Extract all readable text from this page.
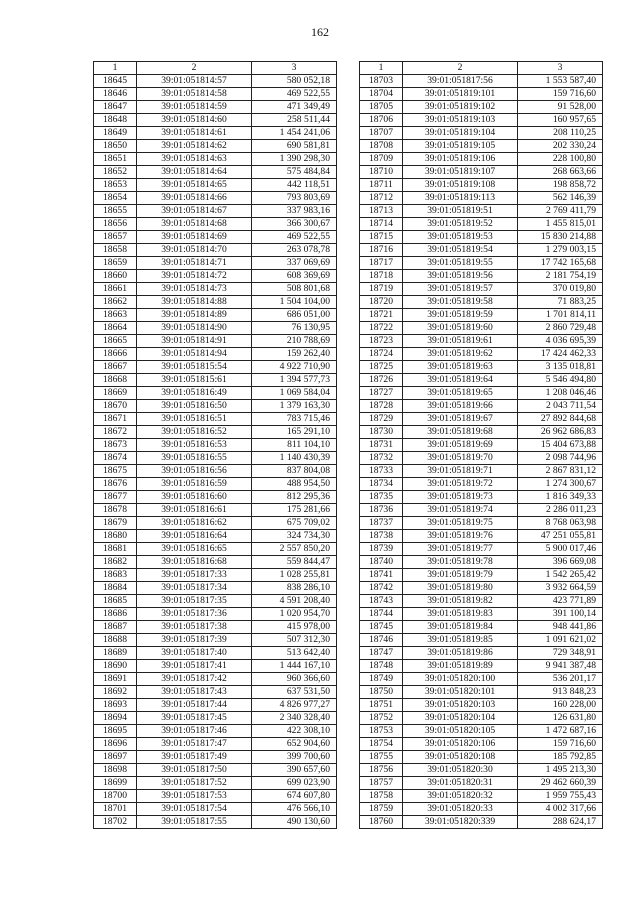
162
1	2	3
18645	39:01:051814:57	580 052,18
18646	39:01:051814:58	469 522,55
18647	39:01:051814:59	471 349,49
18648	39:01:051814:60	258 511,44
18649	39:01:051814:61	1 454 241,06
18650	39:01:051814:62	690 581,81
18651	39:01:051814:63	1 390 298,30
18652	39:01:051814:64	575 484,84
18653	39:01:051814:65	442 118,51
18654	39:01:051814:66	793 803,69
18655	39:01:051814:67	337 983,16
18656	39:01:051814:68	366 300,67
18657	39:01:051814:69	469 522,55
18658	39:01:051814:70	263 078,78
18659	39:01:051814:71	337 069,69
18660	39:01:051814:72	608 369,69
18661	39:01:051814:73	508 801,68
18662	39:01:051814:88	1 504 104,00
18663	39:01:051814:89	686 051,00
18664	39:01:051814:90	76 130,95
18665	39:01:051814:91	210 788,69
18666	39:01:051814:94	159 262,40
18667	39:01:051815:54	4 922 710,90
18668	39:01:051815:61	1 394 577,73
18669	39:01:051816:49	1 069 584,04
18670	39:01:051816:50	1 379 163,30
18671	39:01:051816:51	783 715,46
18672	39:01:051816:52	165 291,10
18673	39:01:051816:53	811 104,10
18674	39:01:051816:55	1 140 430,39
18675	39:01:051816:56	837 804,08
18676	39:01:051816:59	488 954,50
18677	39:01:051816:60	812 295,36
18678	39:01:051816:61	175 281,66
18679	39:01:051816:62	675 709,02
18680	39:01:051816:64	324 734,30
18681	39:01:051816:65	2 557 850,20
18682	39:01:051816:68	559 844,47
18683	39:01:051817:33	1 028 255,81
18684	39:01:051817:34	838 286,10
18685	39:01:051817:35	4 591 208,40
18686	39:01:051817:36	1 020 954,70
18687	39:01:051817:38	415 978,00
18688	39:01:051817:39	507 312,30
18689	39:01:051817:40	513 642,40
18690	39:01:051817:41	1 444 167,10
18691	39:01:051817:42	960 366,60
18692	39:01:051817:43	637 531,50
18693	39:01:051817:44	4 826 977,27
18694	39:01:051817:45	2 340 328,40
18695	39:01:051817:46	422 308,10
18696	39:01:051817:47	652 904,60
18697	39:01:051817:49	399 700,60
18698	39:01:051817:50	390 657,60
18699	39:01:051817:52	699 023,90
18700	39:01:051817:53	674 607,80
18701	39:01:051817:54	476 566,10
18702	39:01:051817:55	490 130,60
1	2	3
18703	39:01:051817:56	1 553 587,40
18704	39:01:051819:101	159 716,60
18705	39:01:051819:102	91 528,00
18706	39:01:051819:103	160 957,65
18707	39:01:051819:104	208 110,25
18708	39:01:051819:105	202 330,24
18709	39:01:051819:106	228 100,80
18710	39:01:051819:107	268 663,66
18711	39:01:051819:108	198 858,72
18712	39:01:051819:113	562 146,39
18713	39:01:051819:51	2 769 411,79
18714	39:01:051819:52	1 455 815,01
18715	39:01:051819:53	15 830 214,88
18716	39:01:051819:54	1 279 003,15
18717	39:01:051819:55	17 742 165,68
18718	39:01:051819:56	2 181 754,19
18719	39:01:051819:57	370 019,80
18720	39:01:051819:58	71 883,25
18721	39:01:051819:59	1 701 814,11
18722	39:01:051819:60	2 860 729,48
18723	39:01:051819:61	4 036 695,39
18724	39:01:051819:62	17 424 462,33
18725	39:01:051819:63	3 135 018,81
18726	39:01:051819:64	5 546 494,80
18727	39:01:051819:65	1 208 046,46
18728	39:01:051819:66	2 043 711,54
18729	39:01:051819:67	27 892 844,68
18730	39:01:051819:68	26 962 686,83
18731	39:01:051819:69	15 404 673,88
18732	39:01:051819:70	2 098 744,96
18733	39:01:051819:71	2 867 831,12
18734	39:01:051819:72	1 274 300,67
18735	39:01:051819:73	1 816 349,33
18736	39:01:051819:74	2 286 011,23
18737	39:01:051819:75	8 768 063,98
18738	39:01:051819:76	47 251 055,81
18739	39:01:051819:77	5 900 017,46
18740	39:01:051819:78	396 669,08
18741	39:01:051819:79	1 542 265,42
18742	39:01:051819:80	3 932 664,59
18743	39:01:051819:82	423 771,89
18744	39:01:051819:83	391 100,14
18745	39:01:051819:84	948 441,86
18746	39:01:051819:85	1 091 621,02
18747	39:01:051819:86	729 348,91
18748	39:01:051819:89	9 941 387,48
18749	39:01:051820:100	536 201,17
18750	39:01:051820:101	913 848,23
18751	39:01:051820:103	160 228,00
18752	39:01:051820:104	126 631,80
18753	39:01:051820:105	1 472 687,16
18754	39:01:051820:106	159 716,60
18755	39:01:051820:108	185 792,85
18756	39:01:051820:30	1 495 213,30
18757	39:01:051820:31	29 462 660,39
18758	39:01:051820:32	1 959 755,43
18759	39:01:051820:33	4 002 317,66
18760	39:01:051820:339	288 624,17
